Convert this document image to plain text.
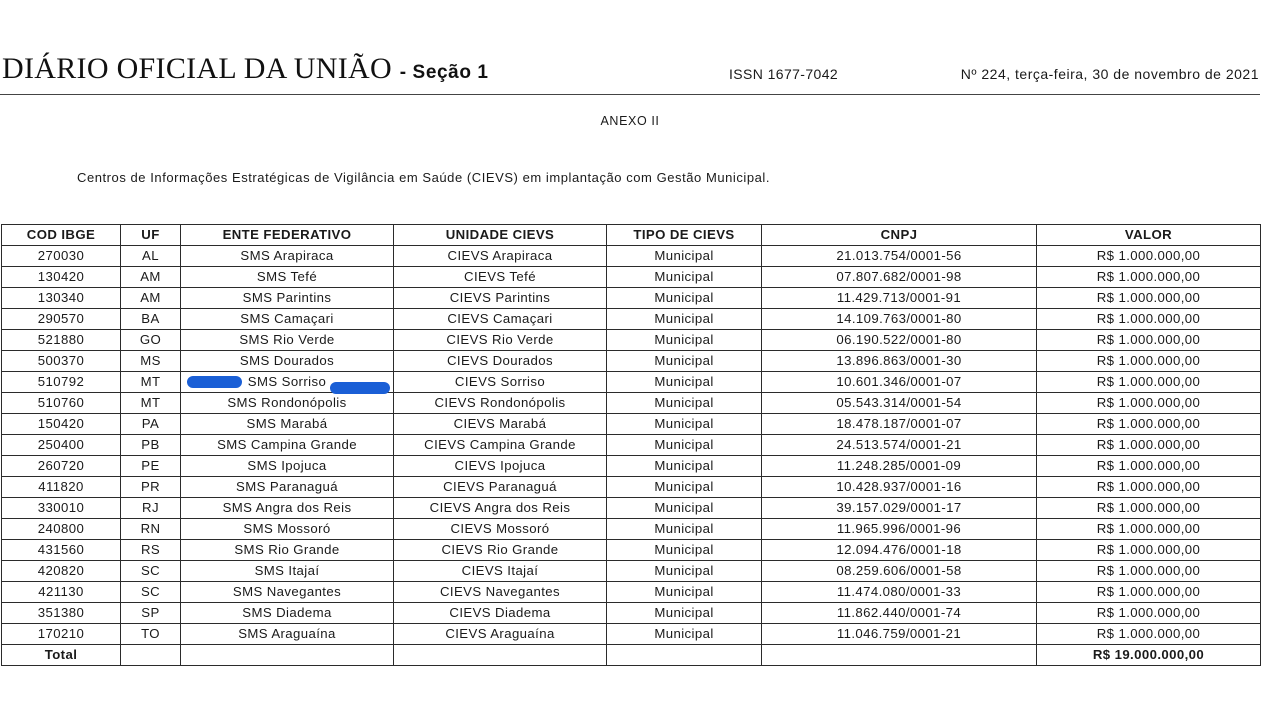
DIÁRIO OFICIAL DA UNIÃO - Seção 1	ISSN 1677-7042	Nº 224, terça-feira, 30 de novembro de 2021
ANEXO II
Centros de Informações Estratégicas de Vigilância em Saúde (CIEVS) em implantação com Gestão Municipal.
COD IBGE	UF	ENTE FEDERATIVO	UNIDADE CIEVS	TIPO DE CIEVS	CNPJ	VALOR
270030	AL	SMS Arapiraca	CIEVS Arapiraca	Municipal	21.013.754/0001-56	R$ 1.000.000,00
130420	AM	SMS Tefé	CIEVS Tefé	Municipal	07.807.682/0001-98	R$ 1.000.000,00
130340	AM	SMS Parintins	CIEVS Parintins	Municipal	11.429.713/0001-91	R$ 1.000.000,00
290570	BA	SMS Camaçari	CIEVS Camaçari	Municipal	14.109.763/0001-80	R$ 1.000.000,00
521880	GO	SMS Rio Verde	CIEVS Rio Verde	Municipal	06.190.522/0001-80	R$ 1.000.000,00
500370	MS	SMS Dourados	CIEVS Dourados	Municipal	13.896.863/0001-30	R$ 1.000.000,00
510792	MT	SMS Sorriso	CIEVS Sorriso	Municipal	10.601.346/0001-07	R$ 1.000.000,00
510760	MT	SMS Rondonópolis	CIEVS Rondonópolis	Municipal	05.543.314/0001-54	R$ 1.000.000,00
150420	PA	SMS Marabá	CIEVS Marabá	Municipal	18.478.187/0001-07	R$ 1.000.000,00
250400	PB	SMS Campina Grande	CIEVS Campina Grande	Municipal	24.513.574/0001-21	R$ 1.000.000,00
260720	PE	SMS Ipojuca	CIEVS Ipojuca	Municipal	11.248.285/0001-09	R$ 1.000.000,00
411820	PR	SMS Paranaguá	CIEVS Paranaguá	Municipal	10.428.937/0001-16	R$ 1.000.000,00
330010	RJ	SMS Angra dos Reis	CIEVS Angra dos Reis	Municipal	39.157.029/0001-17	R$ 1.000.000,00
240800	RN	SMS Mossoró	CIEVS Mossoró	Municipal	11.965.996/0001-96	R$ 1.000.000,00
431560	RS	SMS Rio Grande	CIEVS Rio Grande	Municipal	12.094.476/0001-18	R$ 1.000.000,00
420820	SC	SMS Itajaí	CIEVS Itajaí	Municipal	08.259.606/0001-58	R$ 1.000.000,00
421130	SC	SMS Navegantes	CIEVS Navegantes	Municipal	11.474.080/0001-33	R$ 1.000.000,00
351380	SP	SMS Diadema	CIEVS Diadema	Municipal	11.862.440/0001-74	R$ 1.000.000,00
170210	TO	SMS Araguaína	CIEVS Araguaína	Municipal	11.046.759/0001-21	R$ 1.000.000,00
Total						R$ 19.000.000,00
